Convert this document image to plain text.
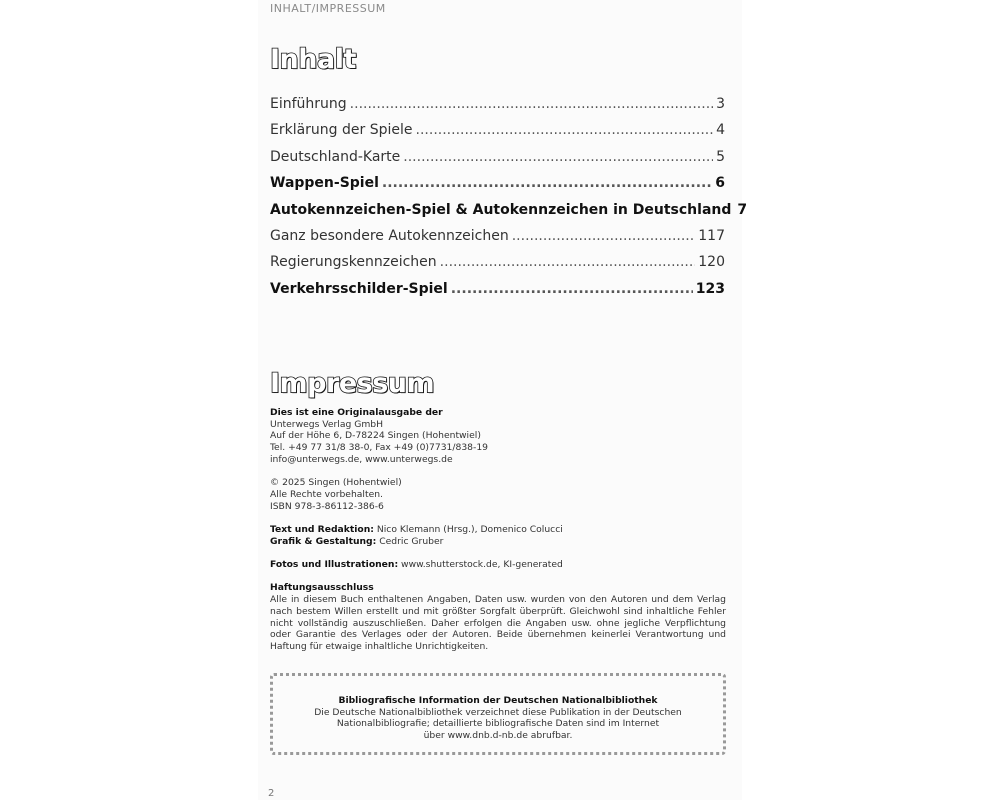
INHALT/IMPRESSUM
Inhalt
Einführung .....	3
Erklärung der Spiele .....	4
Deutschland-Karte .....	5
Wappen-Spiel .....	6
Autokennzeichen-Spiel & Autokennzeichen in Deutschland 7
Ganz besondere Autokennzeichen .....	117
Regierungskennzeichen .....	120
Verkehrsschilder-Spiel .....	123
Impressum

Dies ist eine Originalausgabe der

Unterwegs Verlag GmbH

Auf der Höhe 6, D-78224 Singen (Hohentwiel)

Tel. +49 77 31/8 38-0, Fax +49 (0)7731/838-19

info@unterwegs.de, www.unterwegs.de

© 2025 Singen (Hohentwiel)

Alle Rechte vorbehalten.

ISBN 978-3-86112-386-6

Text und Redaktion: Nico Klemann (Hrsg.), Domenico Colucci

Grafik & Gestaltung: Cedric Gruber

Fotos und Illustrationen: www.shutterstock.de, KI-generated

Haftungsausschluss

Alle in diesem Buch enthaltenen Angaben, Daten usw. wurden von den Autoren und dem Verlag nach bestem Willen erstellt und mit größter Sorgfalt überprüft. Gleichwohl sind inhaltliche Fehler nicht vollständig auszuschließen. Daher erfolgen die Angaben usw. ohne jegliche Verpflichtung oder Garantie des Verlages oder der Autoren. Beide übernehmen keinerlei Verantwortung und Haftung für etwaige inhaltliche Unrichtigkeiten.

Bibliografische Information der Deutschen Nationalbibliothek
Die Deutsche Nationalbibliothek verzeichnet diese Publikation in der Deutschen
Nationalbibliografie; detaillierte bibliografische Daten sind im Internet
über www.dnb.d-nb.de abrufbar.
2
